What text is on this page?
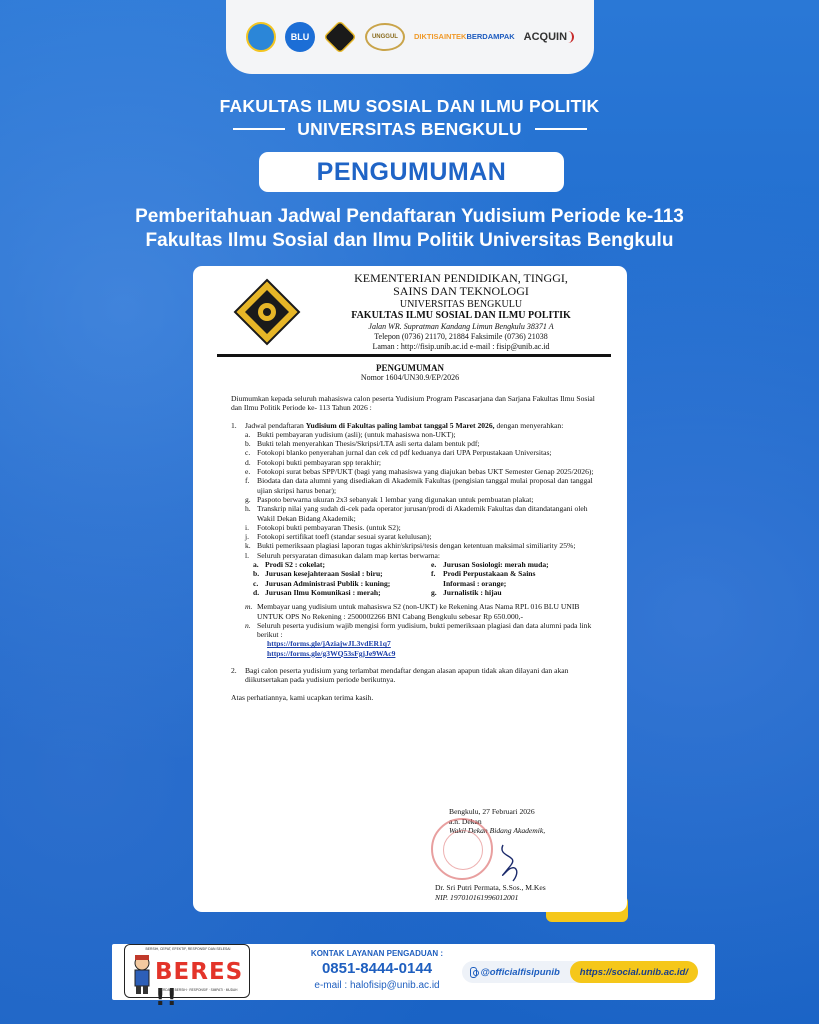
BLU	UNGGUL	DIKTISAINTEK BERDAMPAK ACQUIN
FAKULTAS ILMU SOSIAL DAN ILMU POLITIK
UNIVERSITAS BENGKULU
PENGUMUMAN
Pemberitahuan Jadwal Pendaftaran Yudisium Periode ke-113
Fakultas Ilmu Sosial dan Ilmu Politik Universitas Bengkulu
KEMENTERIAN PENDIDIKAN, TINGGI,
SAINS DAN TEKNOLOGI
UNIVERSITAS BENGKULU
FAKULTAS ILMU SOSIAL DAN ILMU POLITIK
Jalan WR. Supratman Kandang Limun Bengkulu 38371 A
Telepon (0736) 21170, 21884 Faksimile (0736) 21038
Laman : http://fisip.unib.ac.id e-mail : fisip@unib.ac.id
PENGUMUMAN
Nomor 1604/UN30.9/EP/2026

Diumumkan kepada seluruh mahasiswa calon peserta Yudisium Program Pascasarjana dan Sarjana Fakultas Ilmu Sosial dan Ilmu Politik Periode ke- 113 Tahun 2026 :

1.	Jadwal pendaftaran Yudisium di Fakultas paling lambat tanggal 5 Maret 2026, dengan menyerahkan:
a. Bukti pembayaran yudisium (asli); (untuk mahasiswa non-UKT);
b. Bukti telah menyerahkan Thesis/Skripsi/LTA asli serta dalam bentuk pdf;
c. Fotokopi blanko penyerahan jurnal dan cek cd pdf keduanya dari UPA Perpustakaan Universitas;
d. Fotokopi bukti pembayaran spp terakhir;
e. Fotokopi surat bebas SPP/UKT (bagi yang mahasiswa yang diajukan bebas UKT Semester Genap 2025/2026);
f. Biodata dan data alumni yang disediakan di Akademik Fakultas (pengisian tanggal mulai proposal dan tanggal ujian skripsi harus benar);
g. Paspoto berwarna ukuran 2x3 sebanyak 1 lembar yang digunakan untuk pembuatan plakat;
h. Transkrip nilai yang sudah di-cek pada operator jurusan/prodi di Akademik Fakultas dan ditandatangani oleh Wakil Dekan Bidang Akademik;
i.	Fotokopi bukti pembayaran Thesis. (untuk S2);
j.	Fotokopi sertifikat toefl (standar sesuai syarat kelulusan);
k. Bukti pemeriksaan plagiasi laporan tugas akhir/skripsi/tesis dengan ketentuan maksimal similiarity 25%;
l.	Seluruh persyaratan dimasukan dalam map kertas berwarna:
a. Prodi S2 : cokelat;	e. Jurusan Sosiologi: merah muda;
b. Jurusan kesejahteraan Sosial : biru;	f. Prodi Perpustakaan & Sains
c. Jurusan Administrasi Publik : kuning;	Informasi : orange;
d. Jurusan Ilmu Komunikasi : merah;	g. Jurnalistik : hijau
m. Membayar uang yudisium untuk mahasiswa S2 (non-UKT) ke Rekening Atas Nama RPL 016 BLU UNIB UNTUK OPS No Rekening : 2500002266 BNI Cabang Bengkulu sebesar Rp 650.000,-
n. Seluruh peserta yudisium wajib mengisi form yudisium, bukti pemeriksaan plagiasi dan data alumni pada link berikut :
https://forms.gle/jAziajwJL3vdER1q7
https://forms.gle/g3WQ53sFgjJe9WAc9
2.	Bagi calon peserta yudisium yang terlambat mendaftar dengan alasan apapun tidak akan dilayani dan akan diikutsertakan pada yudisium periode berikutnya.

Atas perhatiannya, kami ucapkan terima kasih.

Bengkulu, 27 Februari 2026
a.n. Dekan
Wakil Dekan Bidang Akademik,
Dr. Sri Putri Permata, S.Sos., M.Kes
NIP. 197010161996012001
BERSIH, CEPAT, EFEKTIF, RESPONSIF DAN SELESAI
BERES !!
CERDAS · BERSIH · RESPONSIF · SIMPATI · MUDAH
KONTAK LAYANAN PENGADUAN :
0851-8444-0144
e-mail : halofisip@unib.ac.id
@officialfisipunib	https://social.unib.ac.id/
